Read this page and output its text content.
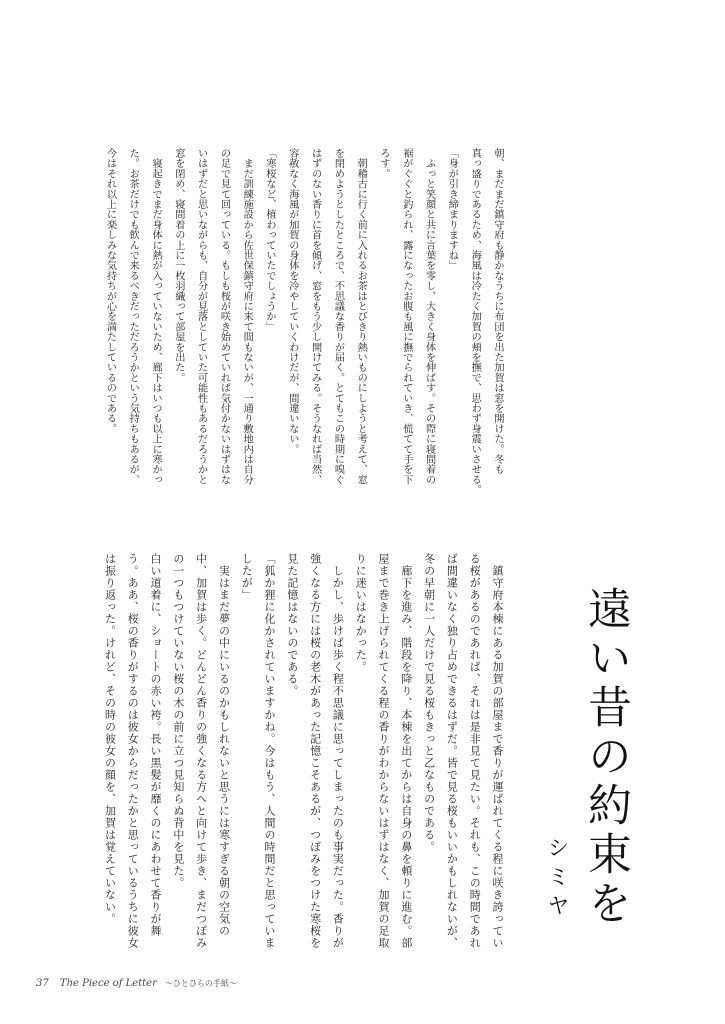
遠い昔の約束を
シミヤ

朝、まだまだ鎮守府も静かなうちに布団を出た加賀は窓を開けた。冬も

真っ盛りであるため、海風は冷たく加賀の頬を撫で、思わず身震いさせる。

「身が引き締まりますね」

　ふっと笑顔と共に言葉を零し、大きく身体を伸ばす。その際に寝間着の

裾がぐぐと釣られ、露になったお腹も風に撫でられていき、慌てて手を下

ろす。

　朝稽古に行く前に入れるお茶はとびきり熱いものにしようと考えて、窓

を閉めようとしたところで、不思議な香りが届く。とてもこの時期に嗅ぐ

はずのない香りに首を傾げ、窓をもう少し開けてみる。そうなれば当然、

容赦なく海風が加賀の身体を冷やしていくわけだが、間違いない。

「寒桜など、植わっていたでしょうか」

　まだ訓練施設から佐世保鎮守府に来て間もないが、一通り敷地内は自分

の足で見て回っている。もしも桜が咲き始めていれば気付かないはずはな

いはずだと思いながらも、自分が見落としていた可能性もあるだろうかと

窓を閉め、寝間着の上に一枚羽織って部屋を出た。

　寝起きでまだ身体に熱が入っていないため、廊下はいつも以上に寒かっ

た。お茶だけでも飲んで来るべきだっただろうかという気持ちもあるが、

今はそれ以上に楽しみな気持ちが心を満たしているのである。

　鎮守府本棟にある加賀の部屋まで香りが運ばれてくる程に咲き誇ってい

る桜があるのであれば、それは是非見て見たい。それも、この時間であれ

ば間違いなく独り占めできるはずだ。皆で見る桜もいいかもしれないが、

冬の早朝に一人だけで見る桜もきっと乙なものである。

　廊下を進み、階段を降り、本棟を出てからは自身の鼻を頼りに進む。部

屋まで巻き上げられてくる程の香りがわからないはずはなく、加賀の足取

りに迷いはなかった。

　しかし、歩けば歩く程不思議に思ってしまったのも事実だった。香りが

強くなる方には桜の老木があった記憶こそあるが、つぼみをつけた寒桜を

見た記憶はないのである。

「狐か狸に化かされていますかね。今はもう、人間の時間だと思っていま

したが」

　実はまだ夢の中にいるのかもしれないと思うには寒すぎる朝の空気の

中、加賀は歩く。どんどん香りの強くなる方へと向けて歩き、まだつぼみ

の一つもつけていない桜の木の前に立つ見知らぬ背中を見た。

白い道着に、ショートの赤い袴。長い黒髪が靡くのにあわせて香りが舞

う。ああ、桜の香りがするのは彼女からだったかと思っているうちに彼女

は振り返った。けれど、その時の彼女の顔を、加賀は覚えていない。

37 The Piece of Letter ～ひとひらの手紙～
